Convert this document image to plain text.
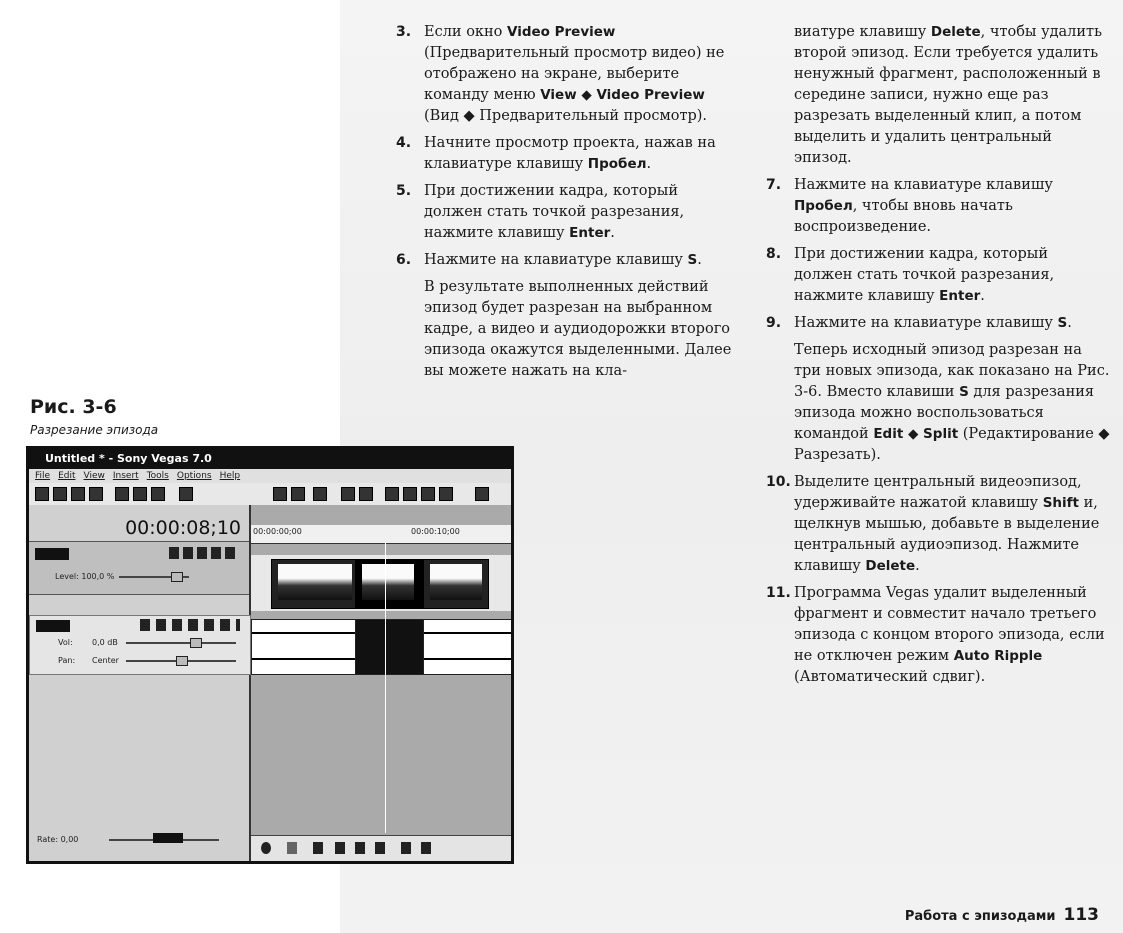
3. Если окно Video Preview (Предварительный просмотр видео) не отображено на экране, выберите команду меню View ◆ Video Preview (Вид ◆ Предварительный просмотр).
4. Начните просмотр проекта, нажав на клавиатуре клавишу Пробел.
5. При достижении кадра, который должен стать точкой разрезания, нажмите клавишу Enter.
6. Нажмите на клавиатуре клавишу S.
В результате выполненных действий эпизод будет разрезан на выбранном кадре, а видео и аудиодорожки второго эпизода окажутся выделенными. Далее вы можете нажать на кла-
виатуре клавишу Delete, чтобы удалить второй эпизод. Если требуется удалить ненужный фрагмент, расположенный в середине записи, нужно еще раз разрезать выделенный клип, а потом выделить и удалить центральный эпизод.
7. Нажмите на клавиатуре клавишу Пробел, чтобы вновь начать воспроизведение.
8. При достижении кадра, который должен стать точкой разрезания, нажмите клавишу Enter.
9. Нажмите на клавиатуре клавишу S.
Теперь исходный эпизод разрезан на три новых эпизода, как показано на Рис. 3-6. Вместо клавиши S для разрезания эпизода можно воспользоваться командой Edit ◆ Split (Редактирование ◆ Разрезать).
10. Выделите центральный видеоэпизод, удерживайте нажатой клавишу Shift и, щелкнув мышью, добавьте в выделение центральный аудиоэпизод. Нажмите клавишу Delete.
11. Программа Vegas удалит выделенный фрагмент и совместит начало третьего эпизода с концом второго эпизода, если не отключен режим Auto Ripple (Автоматический сдвиг).
Рис. 3-6
Разрезание эпизода
Untitled * - Sony Vegas 7.0
File Edit View Insert Tools Options Help
00:00:08;10
Level: 100,0 %
Vol: 0,0 dB
Pan: Center
Rate: 0,00
00:00:00;00	00:00:10;00
Работа с эпизодами 113
